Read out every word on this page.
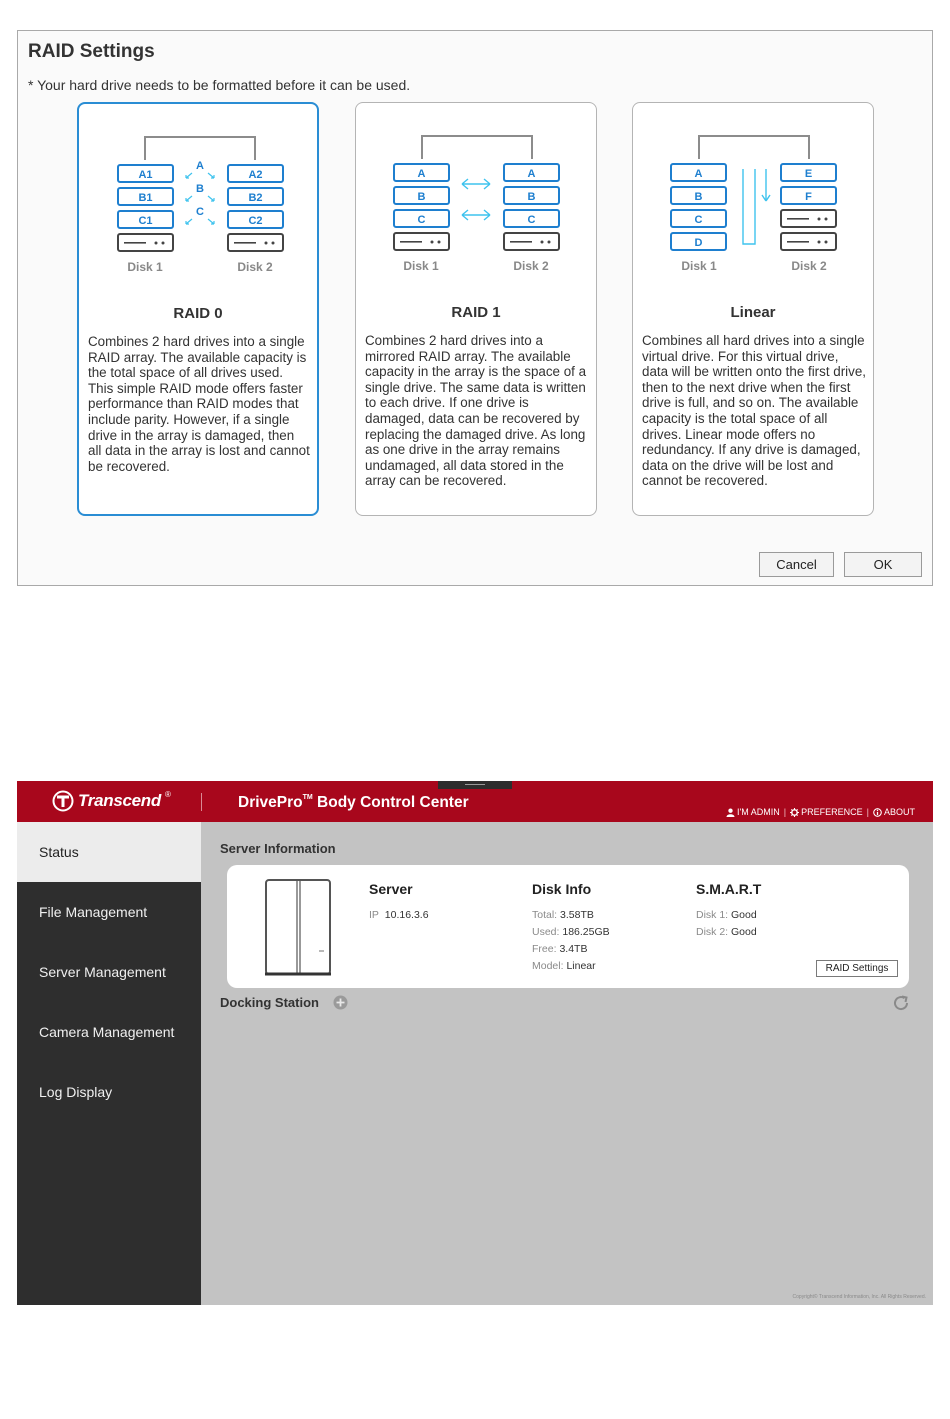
RAID Settings
* Your hard drive needs to be formatted before it can be used.
A1
B1
C1
A2
B2
C2
A
B
C
Disk 1	Disk 2
RAID 0
Combines 2 hard drives into a single RAID array. The available capacity is the total space of all drives used. This simple RAID mode offers faster performance than RAID modes that include parity. However, if a single drive in the array is damaged, then all data in the array is lost and cannot be recovered.
A
B
C
A
B
C
Disk 1	Disk 2
RAID 1
Combines 2 hard drives into a mirrored RAID array. The available capacity in the array is the space of a single drive. The same data is written to each drive. If one drive is damaged, data can be recovered by replacing the damaged drive. As long as one drive in the array remains undamaged, all data stored in the array can be recovered.
A
B
C
D
E
F
Disk 1	Disk 2
Linear
Combines all hard drives into a single virtual drive. For this virtual drive, data will be written onto the first drive, then to the next drive when the first drive is full, and so on. The available capacity is the total space of all drives. Linear mode offers no redundancy. If any drive is damaged, data on the drive will be lost and cannot be recovered.
Cancel	OK
Transcend ®	DrivePro™ Body Control Center
I'M ADMIN | PREFERENCE | ABOUT
Status
File Management
Server Management
Camera Management
Log Display
Server Information
Server
IP 10.16.3.6
Disk Info
Total: 3.58TB
Used: 186.25GB
Free: 3.4TB
Model: Linear
S.M.A.R.T
Disk 1: Good
Disk 2: Good
RAID Settings
Docking Station
Copyright© Transcend Information, Inc. All Rights Reserved.
